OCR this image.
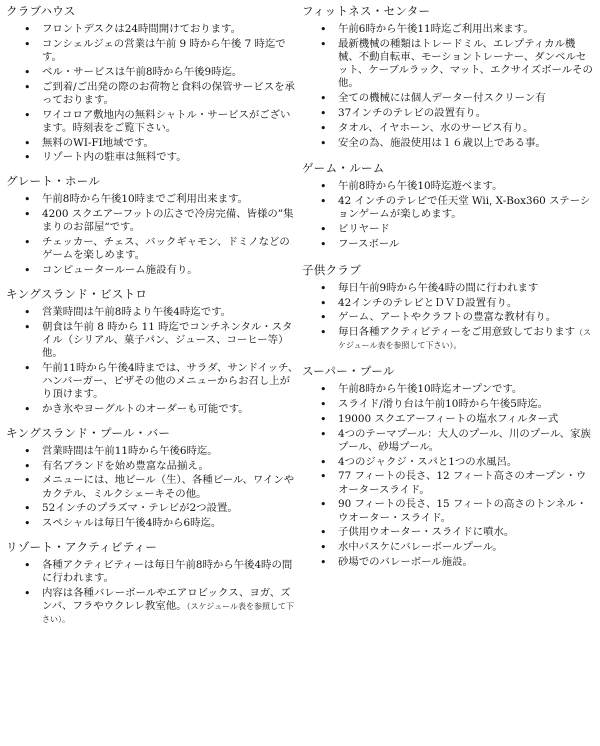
クラブハウス
• フロントデスクは24時間開けております。
• コンシェルジェの営業は午前 9 時から午後 7 時迄です。
• ベル・サービスは午前8時から午後9時迄。
• ご到着/ご出発の際のお荷物と食料の保管サービスを承っております。
• ワイコロア敷地内の無料シャトル・サービスがございます。時刻表をご覧下さい。
• 無料のWI-FI地域です。
• リゾート内の駐車は無料です。
グレート・ホール
• 午前8時から午後10時までご利用出来ます。
• 4200 スクエアーフットの広さで冷房完備、皆様の”集まりのお部屋“です。
• チェッカー、チェス、バックギャモン、ドミノなどのゲームを楽しめます。
• コンピュータールーム施設有り。
キングスランド・ビストロ
• 営業時間は午前8時より午後4時迄です。
• 朝食は午前 8 時から 11 時迄でコンチネンタル・スタイル（シリアル、菓子パン、ジュース、コーヒー等）他。
• 午前11時から午後4時までは、サラダ、サンドイッチ、ハンバーガー、ピザその他のメニューからお召し上がり頂けます。
• かき氷やヨーグルトのオーダーも可能です。
キングスランド・プール・バー
• 営業時間は午前11時から午後6時迄。
• 有名ブランドを始め豊富な品揃え。
• メニューには、地ビール（生）、各種ビール、ワインやカクテル、ミルクシェーキその他。
• 52インチのプラズマ・テレビが2つ設置。
• スペシャルは毎日午後4時から6時迄。
リゾート・アクティビティー
• 各種アクティビティーは毎日午前8時から午後4時の間に行われます。
• 内容は各種バレーボールやエアロビックス、ヨガ、ズンバ、フラやウクレレ教室他。（スケジュール表を参照して下さい）。
フィットネス・センター
• 午前6時から午後11時迄ご利用出来ます。
• 最新機械の種類はトレードミル、エレプティカル機械、不動自転車、モーショントレーナー、ダンベルセット、ケーブルラック、マット、エクサイズボールその他。
• 全ての機械には個人データー付スクリーン有
• 37インチのテレビの設置有り。
• タオル、イヤホーン、水のサービス有り。
• 安全の為、施設使用は１６歳以上である事。
ゲーム・ルーム
• 午前8時から午後10時迄遊べます。
• 42 インチのテレビで任天堂 Wii, X-Box360 ステーションゲームが楽しめます。
• ビリヤード
• フースボール
子供クラブ
• 毎日午前9時から午後4時の間に行われます
• 42インチのテレビとＤＶＤ設置有り。
• ゲーム、アートやクラフトの豊富な教材有り。
• 毎日各種アクティビティーをご用意致しております（スケジュール表を参照して下さい）。
スーパー・プール
• 午前8時から午後10時迄オープンです。
• スライド/滑り台は午前10時から午後5時迄。
• 19000 スクエアーフィートの塩水フィルター式
• 4つのテーマプール：大人のプール、川のプール、家族プール、砂場プール。
• 4つのジャクジ・スパと1つの水風呂。
• 77 フィートの長さ、12 フィート高さのオープン・ウオータースライド。
• 90 フィートの長さ、15 フィートの高さのトンネル・ウオーター・スライド。
• 子供用ウオーター・スライドに噴水。
• 水中バスケにバレーボールプール。
• 砂場でのバレーボール施設。
